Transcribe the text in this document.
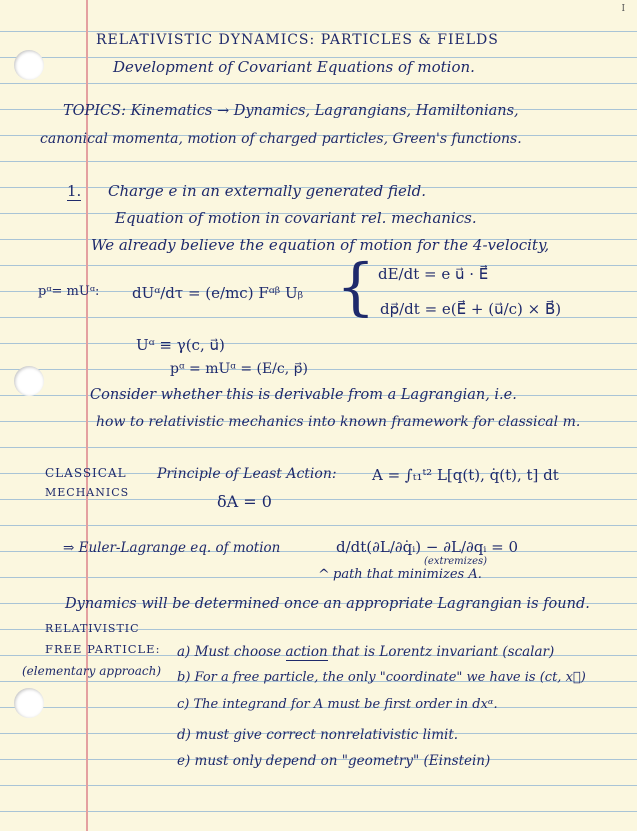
I
RELATIVISTIC DYNAMICS: PARTICLES & FIELDS
Development of Covariant Equations of motion.
TOPICS: Kinematics → Dynamics, Lagrangians, Hamiltonians,
canonical momenta, motion of charged particles, Green's functions.
1. Charge e in an externally generated field.
Equation of motion in covariant rel. mechanics.
We already believe the equation of motion for the 4-velocity,
pᵅ= mUᵅ: dUᵅ/dτ = (e/mc) Fᵅᵝ Uᵦ { dE/dt = e u⃗ · E⃗
dp⃗/dt = e(E⃗ + (u⃗/c) × B⃗)
Uᵅ ≡ γ(c, u⃗)
pᵅ = mUᵅ = (E/c, p⃗)
Consider whether this is derivable from a Lagrangian, i.e.
how to relativistic mechanics into known framework for classical m.
CLASSICAL
MECHANICS
Principle of Least Action: A = ∫ₜ₁ᵗ² L[q(t), q̇(t), t] dt
δA = 0
⇒ Euler-Lagrange eq. of motion	d/dt(∂L/∂q̇ᵢ) − ∂L/∂qᵢ = 0
(extremizes)
^ path that minimizes A.
Dynamics will be determined once an appropriate Lagrangian is found.
RELATIVISTIC
FREE PARTICLE:
(elementary approach)
a) Must choose action that is Lorentz invariant (scalar)
b) For a free particle, the only "coordinate" we have is (ct, x⃗)
c) The integrand for A must be first order in dxᵅ.
d) must give correct nonrelativistic limit.
e) must only depend on "geometry" (Einstein)
